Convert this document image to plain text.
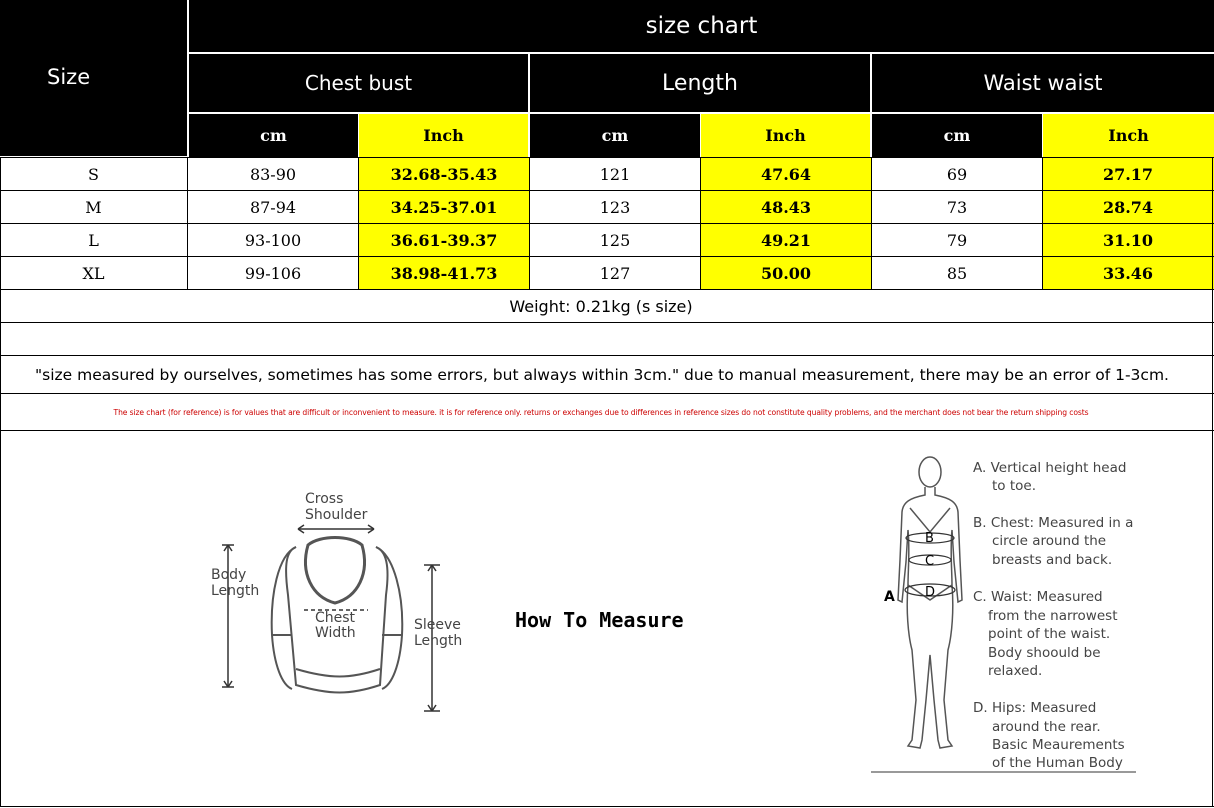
Size
size chart
Chest bust	Length	Waist waist
cm	Inch	cm	Inch	cm	Inch
S	83-90	32.68-35.43	121	47.64	69	27.17
M	87-94	34.25-37.01	123	48.43	73	28.74
L	93-100	36.61-39.37	125	49.21	79	31.10
XL	99-106	38.98-41.73	127	50.00	85	33.46
Weight: 0.21kg (s size)
"size measured by ourselves, sometimes has some errors, but always within 3cm." due to manual measurement, there may be an error of 1-3cm.
The size chart (for reference) is for values that are difficult or inconvenient to measure. it is for reference only. returns or exchanges due to differences in reference sizes do not constitute quality problems, and the merchant does not bear the return shipping costs
How To Measure
Cross
Shoulder
Body
Length
Chest
Width	Sleeve
Length
A
B
C
D
A. Vertical height head
to toe.
B. Chest: Measured in a
circle around the
breasts and back.
C. Waist: Measured
from the narrowest
point of the waist.
Body shoould be
relaxed.
D. Hips: Measured
around the rear.
Basic Meaurements
of the Human Body
